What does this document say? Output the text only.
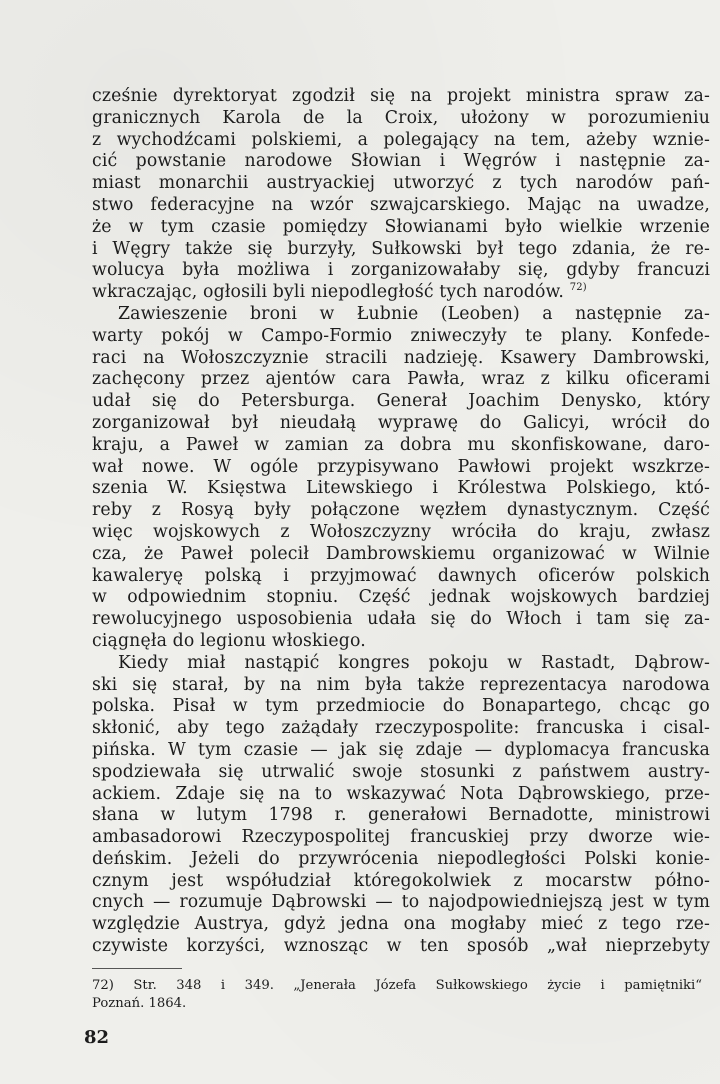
cześnie dyrektoryat zgodził się na projekt ministra spraw za-
granicznych Karola de la Croix, ułożony w porozumieniu
z wychodźcami polskiemi, a polegający na tem, ażeby wznie-
cić powstanie narodowe Słowian i Węgrów i następnie za-
miast monarchii austryackiej utworzyć z tych narodów pań-
stwo federacyjne na wzór szwajcarskiego. Mając na uwadze,
że w tym czasie pomiędzy Słowianami było wielkie wrzenie
i Węgry także się burzyły, Sułkowski był tego zdania, że re-
wolucya była możliwa i zorganizowałaby się, gdyby francuzi
wkraczając, ogłosili byli niepodległość tych narodów. $^{72)}$
Zawieszenie broni w Łubnie (Leoben) a następnie za-
warty pokój w Campo-Formio zniweczyły te plany. Konfede-
raci na Wołoszczyznie stracili nadzieję. Ksawery Dambrowski,
zachęcony przez ajentów cara Pawła, wraz z kilku oficerami
udał się do Petersburga. Generał Joachim Denysko, który
zorganizował był nieudałą wyprawę do Galicyi, wrócił do
kraju, a Paweł w zamian za dobra mu skonfiskowane, daro-
wał nowe. W ogóle przypisywano Pawłowi projekt wszkrze-
szenia W. Księstwa Litewskiego i Królestwa Polskiego, któ-
reby z Rosyą były połączone węzłem dynastycznym. Część
więc wojskowych z Wołoszczyzny wróciła do kraju, zwłasz
cza, że Paweł polecił Dambrowskiemu organizować w Wilnie
kawaleryę polską i przyjmować dawnych oficerów polskich
w odpowiednim stopniu. Część jednak wojskowych bardziej
rewolucyjnego usposobienia udała się do Włoch i tam się za-
ciągnęła do legionu włoskiego.
Kiedy miał nastąpić kongres pokoju w Rastadt, Dąbrow-
ski się starał, by na nim była także reprezentacya narodowa
polska. Pisał w tym przedmiocie do Bonapartego, chcąc go
skłonić, aby tego zażądały rzeczypospolite: francuska i cisal-
pińska. W tym czasie — jak się zdaje — dyplomacya francuska
spodziewała się utrwalić swoje stosunki z państwem austry-
ackiem. Zdaje się na to wskazywać Nota Dąbrowskiego, prze-
słana w lutym 1798 r. generałowi Bernadotte, ministrowi
ambasadorowi Rzeczypospolitej francuskiej przy dworze wie-
deńskim. Jeżeli do przywrócenia niepodległości Polski konie-
cznym jest współudział któregokolwiek z mocarstw półno-
cnych — rozumuje Dąbrowski — to najodpowiedniejszą jest w tym
względzie Austrya, gdyż jedna ona mogłaby mieć z tego rze-
czywiste korzyści, wznosząc w ten sposób „wał nieprzebyty
72) Str. 348 i 349. „Jenerała Józefa Sułkowskiego życie i pamiętniki“
Poznań. 1864.
82
